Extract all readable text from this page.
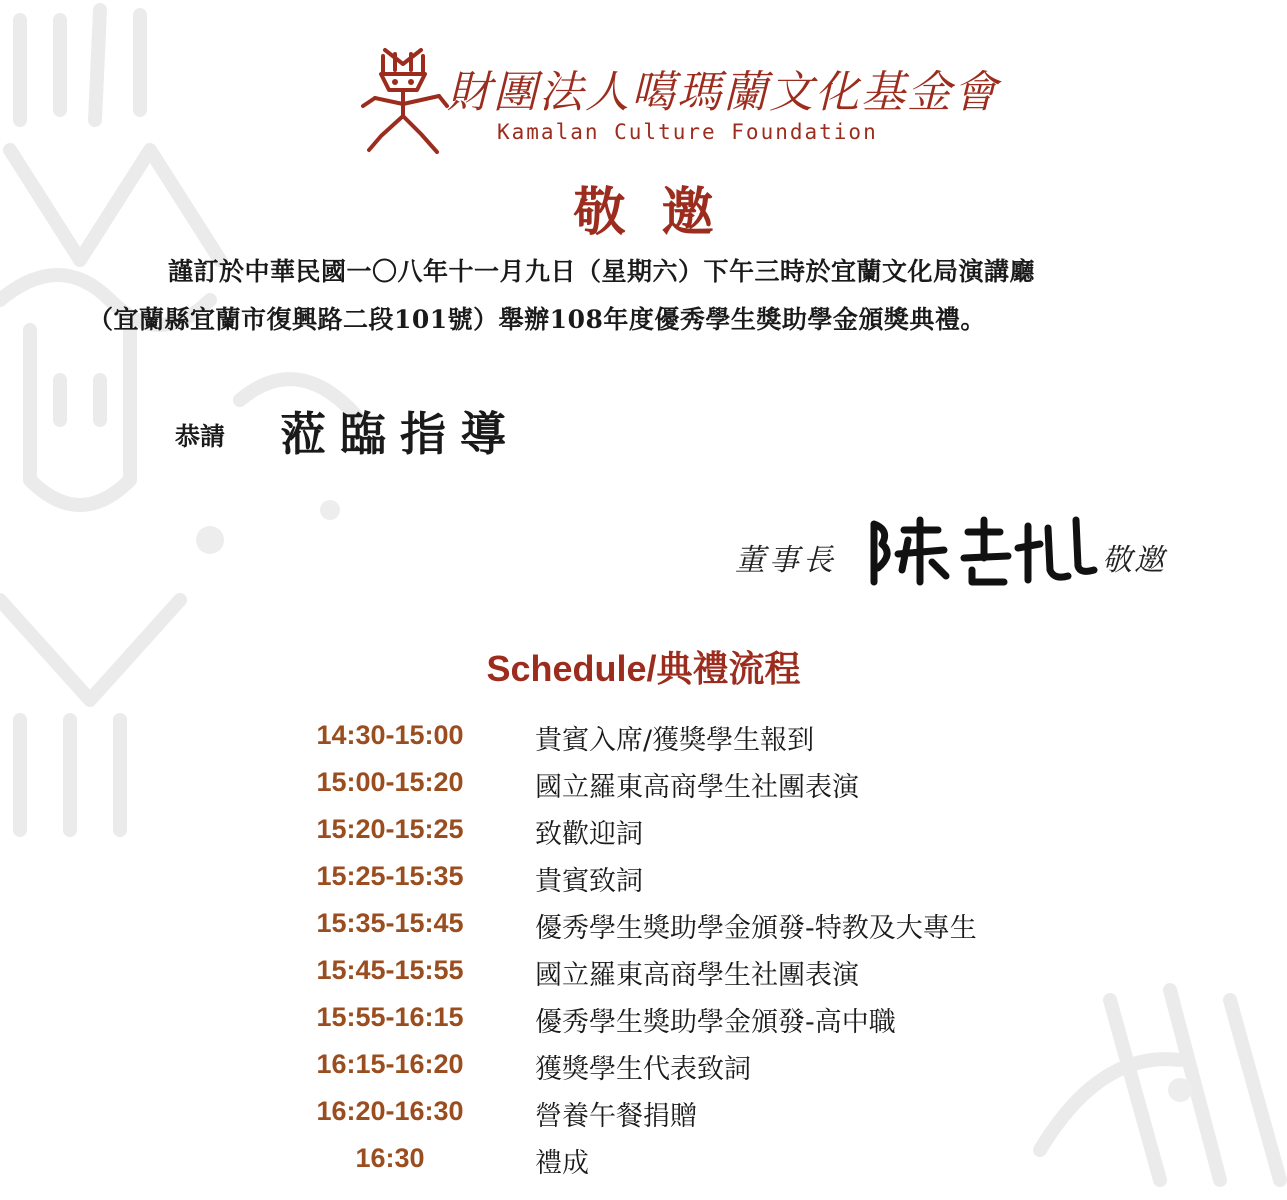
財團法人噶瑪蘭文化基金會
Kamalan Culture Foundation
敬邀
謹訂於中華民國一〇八年十一月九日（星期六）下午三時於宜蘭文化局演講廳
（宜蘭縣宜蘭市復興路二段101號）舉辦108年度優秀學生獎助學金頒獎典禮。
恭請 蒞臨指導
董事長	敬邀
Schedule/典禮流程
14:30-15:00	貴賓入席/獲獎學生報到
15:00-15:20	國立羅東高商學生社團表演
15:20-15:25	致歡迎詞
15:25-15:35	貴賓致詞
15:35-15:45	優秀學生獎助學金頒發-特教及大專生
15:45-15:55	國立羅東高商學生社團表演
15:55-16:15	優秀學生獎助學金頒發-高中職
16:15-16:20	獲獎學生代表致詞
16:20-16:30	營養午餐捐贈
16:30	禮成
